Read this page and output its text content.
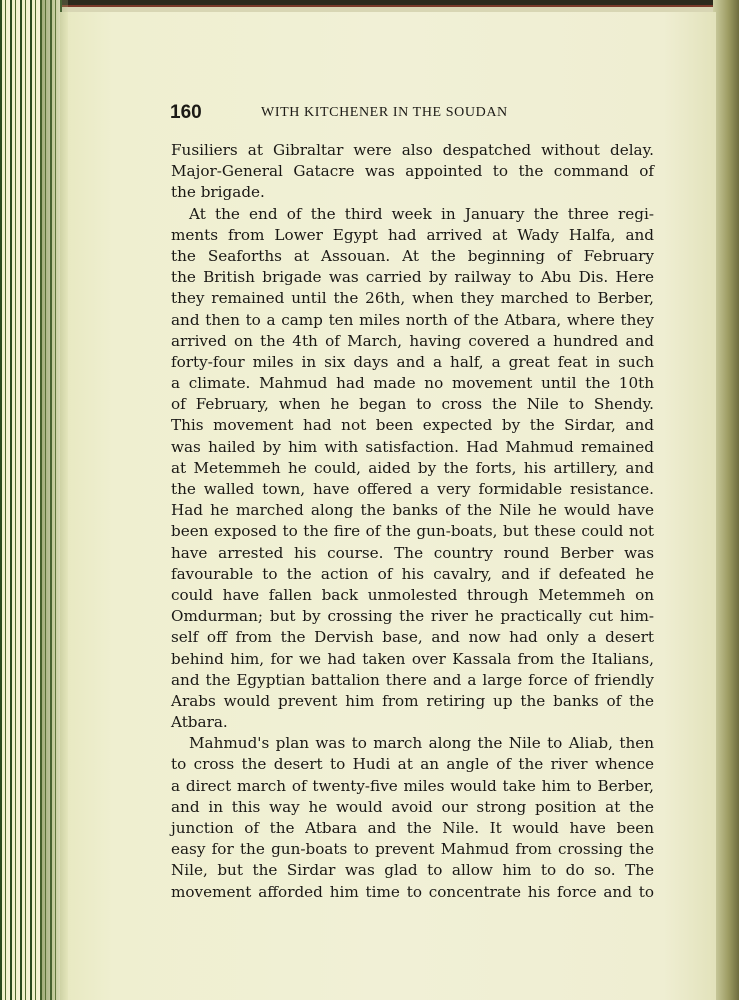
160	WITH KITCHENER IN THE SOUDAN
Fusiliers at Gibraltar were also despatched without delay.
Major-General Gatacre was appointed to the command of
the brigade.
At the end of the third week in January the three regi-
ments from Lower Egypt had arrived at Wady Halfa, and
the Seaforths at Assouan. At the beginning of February
the British brigade was carried by railway to Abu Dis. Here
they remained until the 26th, when they marched to Berber,
and then to a camp ten miles north of the Atbara, where they
arrived on the 4th of March, having covered a hundred and
forty-four miles in six days and a half, a great feat in such
a climate. Mahmud had made no movement until the 10th
of February, when he began to cross the Nile to Shendy.
This movement had not been expected by the Sirdar, and
was hailed by him with satisfaction. Had Mahmud remained
at Metemmeh he could, aided by the forts, his artillery, and
the walled town, have offered a very formidable resistance.
Had he marched along the banks of the Nile he would have
been exposed to the fire of the gun-boats, but these could not
have arrested his course. The country round Berber was
favourable to the action of his cavalry, and if defeated he
could have fallen back unmolested through Metemmeh on
Omdurman; but by crossing the river he practically cut him-
self off from the Dervish base, and now had only a desert
behind him, for we had taken over Kassala from the Italians,
and the Egyptian battalion there and a large force of friendly
Arabs would prevent him from retiring up the banks of the
Atbara.
Mahmud's plan was to march along the Nile to Aliab, then
to cross the desert to Hudi at an angle of the river whence
a direct march of twenty-five miles would take him to Berber,
and in this way he would avoid our strong position at the
junction of the Atbara and the Nile. It would have been
easy for the gun-boats to prevent Mahmud from crossing the
Nile, but the Sirdar was glad to allow him to do so. The
movement afforded him time to concentrate his force and to
